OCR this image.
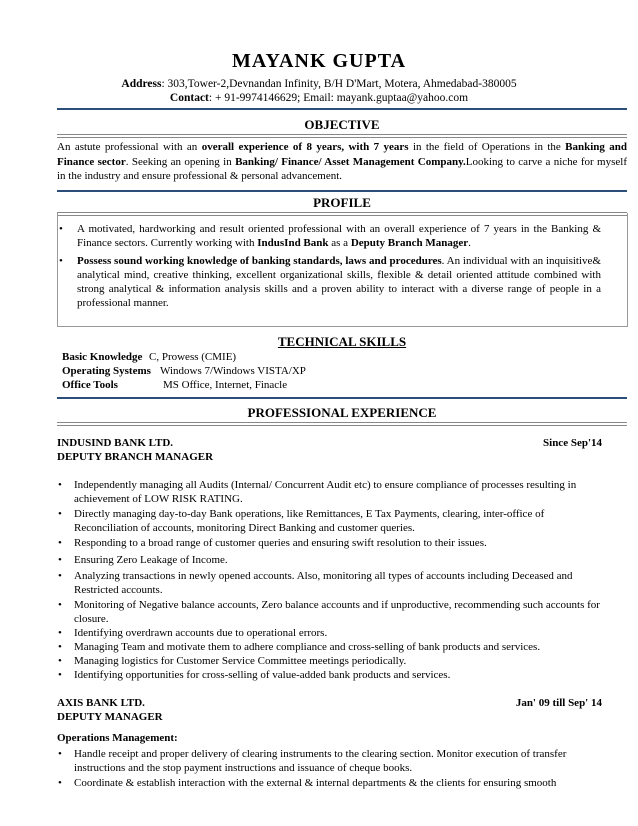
MAYANK GUPTA
Address: 303,Tower-2,Devnandan Infinity, B/H D'Mart, Motera, Ahmedabad-380005
Contact: + 91-9974146629; Email: mayank.guptaa@yahoo.com
OBJECTIVE
An astute professional with an overall experience of 8 years, with 7 years in the field of Operations in the Banking and Finance sector. Seeking an opening in Banking/ Finance/ Asset Management Company.Looking to carve a niche for myself in the industry and ensure professional & personal advancement.
PROFILE
• A motivated, hardworking and result oriented professional with an overall experience of 7 years in the Banking & Finance sectors. Currently working with IndusInd Bank as a Deputy Branch Manager.
• Possess sound working knowledge of banking standards, laws and procedures. An individual with an inquisitive& analytical mind, creative thinking, excellent organizational skills, flexible & detail oriented attitude combined with strong analytical & information analysis skills and a proven ability to interact with a diverse range of people in a professional manner.
TECHNICAL SKILLS
Basic Knowledge C, Prowess (CMIE)
Operating Systems Windows 7/Windows VISTA/XP
Office Tools	MS Office, Internet, Finacle
PROFESSIONAL EXPERIENCE
INDUSIND BANK LTD.	Since Sep'14
DEPUTY BRANCH MANAGER
• Independently managing all Audits (Internal/ Concurrent Audit etc) to ensure compliance of processes resulting in achievement of LOW RISK RATING.
• Directly managing day-to-day Bank operations, like Remittances, E Tax Payments, clearing, inter-office of Reconciliation of accounts, monitoring Direct Banking and customer queries.
• Responding to a broad range of customer queries and ensuring swift resolution to their issues.
• Ensuring Zero Leakage of Income.
• Analyzing transactions in newly opened accounts. Also, monitoring all types of accounts including Deceased and Restricted accounts.
• Monitoring of Negative balance accounts, Zero balance accounts and if unproductive, recommending such accounts for closure.
• Identifying overdrawn accounts due to operational errors.
• Managing Team and motivate them to adhere compliance and cross-selling of bank products and services.
• Managing logistics for Customer Service Committee meetings periodically.
• Identifying opportunities for cross-selling of value-added bank products and services.
AXIS BANK LTD.	Jan' 09 till Sep' 14
DEPUTY MANAGER
Operations Management:
• Handle receipt and proper delivery of clearing instruments to the clearing section. Monitor execution of transfer instructions and the stop payment instructions and issuance of cheque books.
• Coordinate & establish interaction with the external & internal departments & the clients for ensuring smooth
